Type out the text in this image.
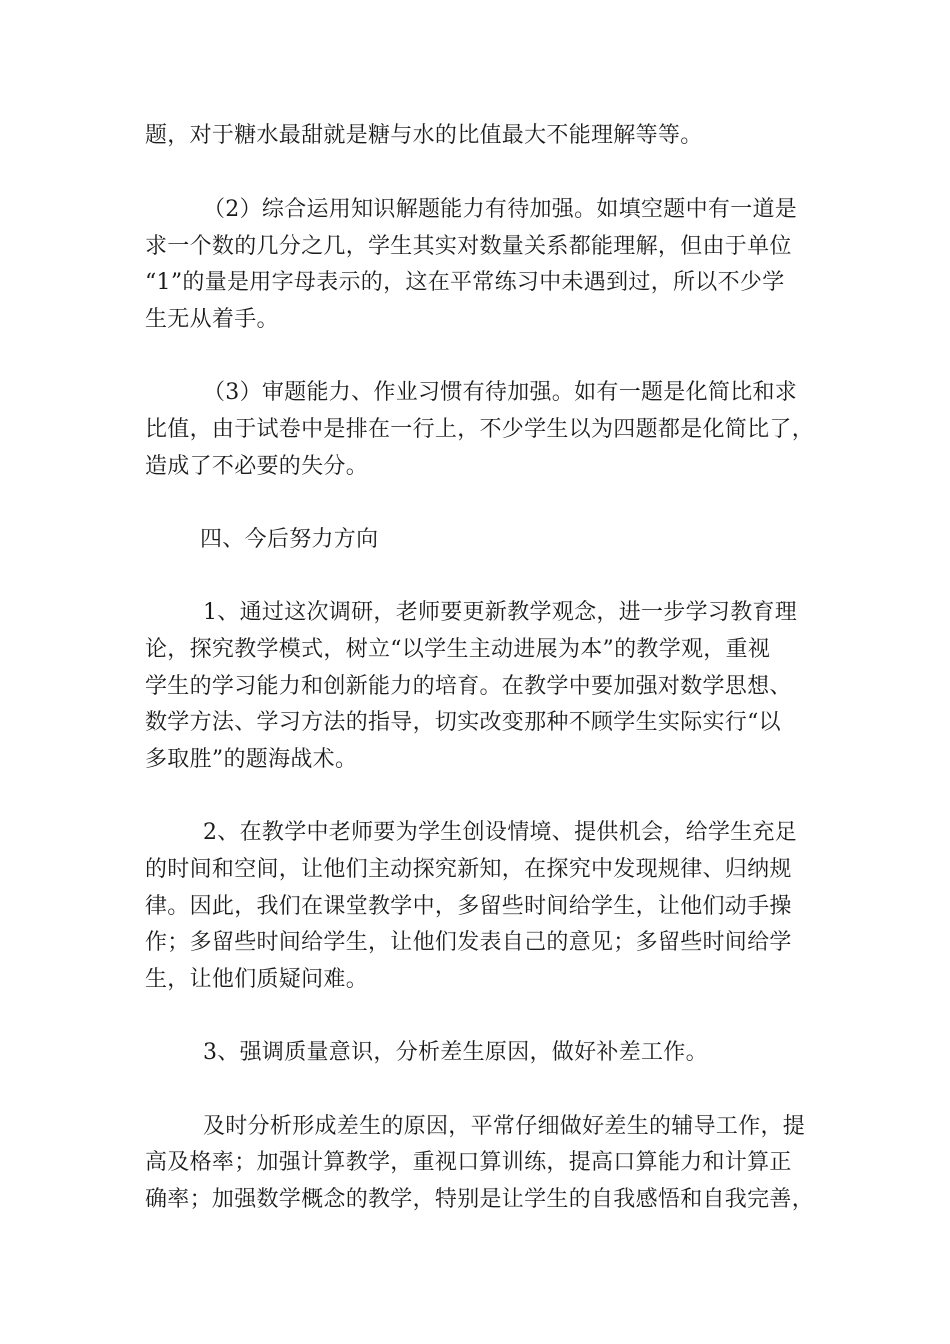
题，对于糖水最甜就是糖与水的比值最大不能理解等等。

（2）综合运用知识解题能力有待加强。如填空题中有一道是

求一个数的几分之几，学生其实对数量关系都能理解，但由于单位

“1”的量是用字母表示的，这在平常练习中未遇到过，所以不少学

生无从着手。

（3）审题能力、作业习惯有待加强。如有一题是化简比和求

比值，由于试卷中是排在一行上，不少学生以为四题都是化简比了，

造成了不必要的失分。

四、今后努力方向

1、通过这次调研，老师要更新教学观念，进一步学习教育理

论，探究教学模式，树立“以学生主动进展为本”的教学观，重视

学生的学习能力和创新能力的培育。在教学中要加强对数学思想、

数学方法、学习方法的指导，切实改变那种不顾学生实际实行“以

多取胜”的题海战术。

2、在教学中老师要为学生创设情境、提供机会，给学生充足

的时间和空间，让他们主动探究新知，在探究中发现规律、归纳规

律。因此，我们在课堂教学中，多留些时间给学生，让他们动手操

作；多留些时间给学生，让他们发表自己的意见；多留些时间给学

生，让他们质疑问难。

3、强调质量意识，分析差生原因，做好补差工作。

及时分析形成差生的原因，平常仔细做好差生的辅导工作，提

高及格率；加强计算教学，重视口算训练，提高口算能力和计算正

确率；加强数学概念的教学，特别是让学生的自我感悟和自我完善，
